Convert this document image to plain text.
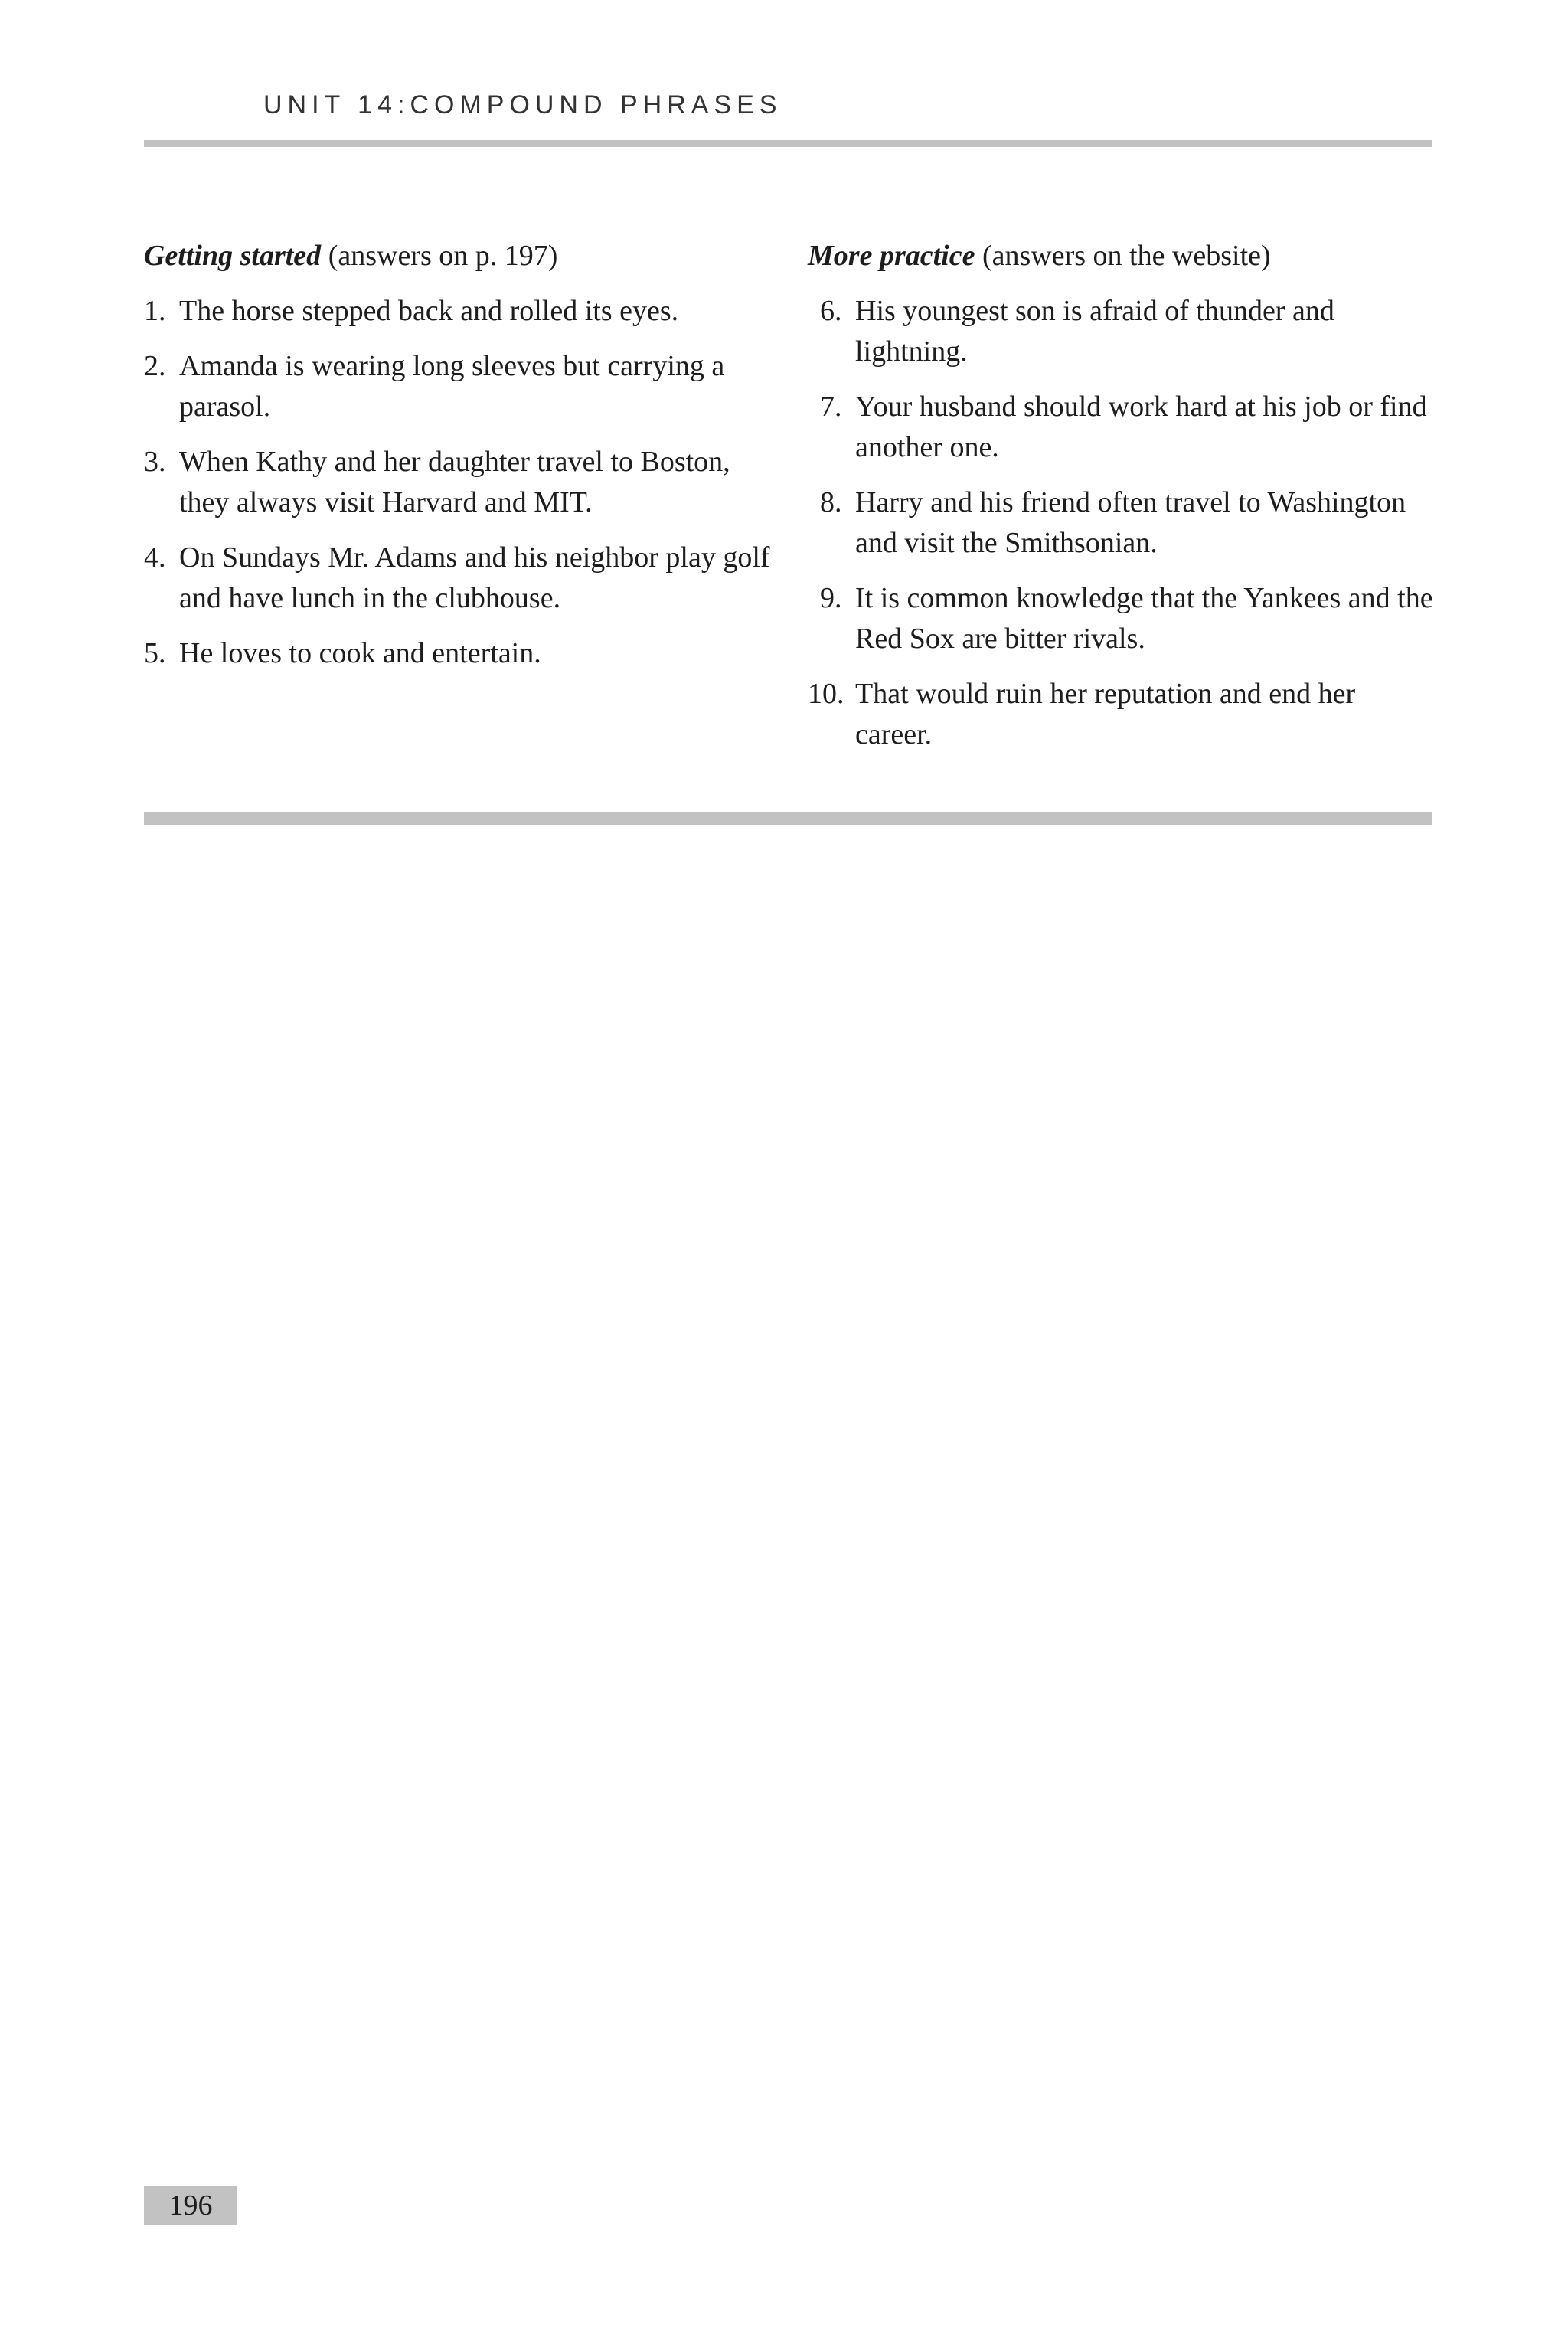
UNIT 14:COMPOUND PHRASES

Getting started (answers on p. 197)

1. The horse stepped back and rolled its eyes.
2. Amanda is wearing long sleeves but carrying a parasol.
3. When Kathy and her daughter travel to Boston, they always visit Harvard and MIT.
4. On Sundays Mr. Adams and his neighbor play golf and have lunch in the clubhouse.
5. He loves to cook and entertain.

More practice (answers on the website)

6. His youngest son is afraid of thunder and lightning.
7. Your husband should work hard at his job or find another one.
8. Harry and his friend often travel to Washington and visit the Smithsonian.
9. It is common knowledge that the Yankees and the Red Sox are bitter rivals.
10. That would ruin her reputation and end her career.
196
